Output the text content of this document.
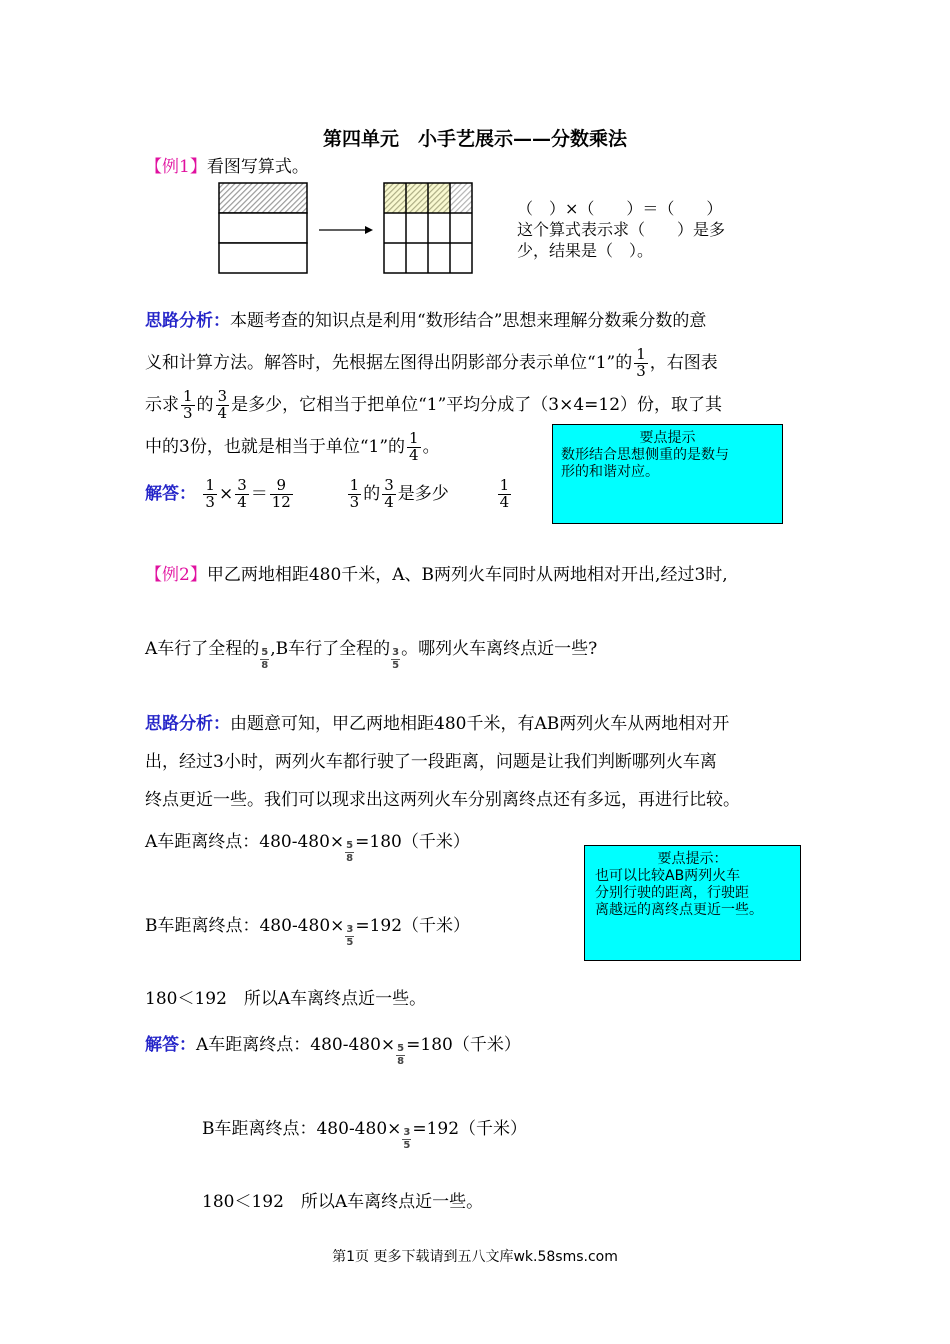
第四单元　小手艺展示——分数乘法
【例1】看图写算式。
（　）×（　　）＝（　　）
这个算式表示求（　　）是多
少，结果是（　）。
思路分析：本题考查的知识点是利用“数形结合”思想来理解分数乘分数的意
义和计算方法。解答时，先根据左图得出阴影部分表示单位“1”的 $\frac{1}{3}$ ，右图表
示求 $\frac{1}{3}$ 的 $\frac{3}{4}$ 是多少，它相当于把单位“1”平均分成了（3×4=12）份，取了其
中的3份，也就是相当于单位“1”的 $\frac{1}{4}$ 。	要点提示
数形结合思想侧重的是数与
形的和谐对应。
解答： $\frac{1}{3} \times \frac{3}{4} = \frac{9}{12}$
	$\frac{1}{3}$ 的 $\frac{3}{4}$ 是多少	$\frac{1}{4}$
【例2】甲乙两地相距480千米，A、B两列火车同时从两地相对开出,经过3时,
A车行了全程的 $\frac{5}{8} ,B$车行了全程的 $\frac{3}{5}$ 。哪列火车离终点近一些?
思路分析：由题意可知，甲乙两地相距480千米，有AB两列火车从两地相对开
出，经过3小时，两列火车都行驶了一段距离，问题是让我们判断哪列火车离
终点更近一些。我们可以现求出这两列火车分别离终点还有多远，再进行比较。
A车距离终点：$480-480\times \frac{5}{8} =180$（千米）
B车距离终点：$480-480\times \frac{3}{5} =192$（千米）
180＜192　所以A车离终点近一些。
要点提示：
也可以比较AB两列火车
分别行驶的距离，行驶距
离越远的离终点更近一些。
解答：A车距离终点：$480-480\times \frac{5}{8} =180$（千米）
B车距离终点：$480-480\times \frac{3}{5} =192$（千米）
180＜192　所以A车离终点近一些。
第1页 更多下载请到五八文库wk.58sms.com
